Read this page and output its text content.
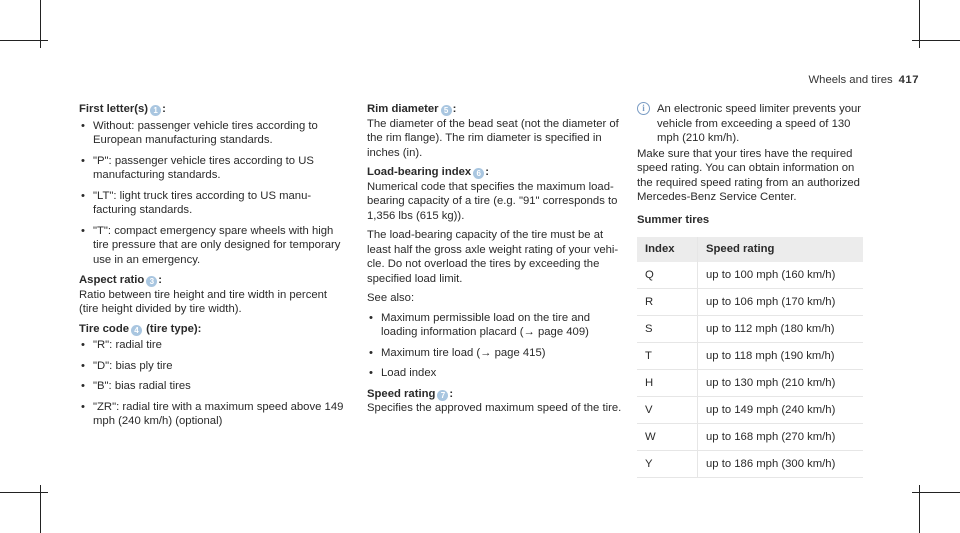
Wheels and tires 417
First letter(s) 1 :
• Without: passenger vehicle tires according to European manufacturing standards.
• "P": passenger vehicle tires according to US manufacturing standards.
• "LT": light truck tires according to US manufacturing standards.
• "T": compact emergency spare wheels with high tire pressure that are only designed for temporary use in an emergency.
Aspect ratio 3 :

Ratio between tire height and tire width in percent (tire height divided by tire width).

Tire code 4 (tire type):
• "R": radial tire
• "D": bias ply tire
• "B": bias radial tires
• "ZR": radial tire with a maximum speed above 149 mph (240 km/h) (optional)
Rim diameter 5 :

The diameter of the bead seat (not the diameter of the rim flange). The rim diameter is specified in inches (in).

Load-bearing index 6 :

Numerical code that specifies the maximum load-bearing capacity of a tire (e.g. "91" corresponds to 1,356 lbs (615 kg)).

The load-bearing capacity of the tire must be at least half the gross axle weight rating of your vehicle. Do not overload the tires by exceeding the specified load limit.

See also:

• Maximum permissible load on the tire and loading information placard (→ page 409)
• Maximum tire load (→ page 415)
• Load index
Speed rating 7 :

Specifies the approved maximum speed of the tire.

i	An electronic speed limiter prevents your vehicle from exceeding a speed of 130 mph (210 km/h).

Make sure that your tires have the required speed rating. You can obtain information on the required speed rating from an authorized Mercedes-Benz Service Center.

Summer tires
Index	Speed rating
Q	up to 100 mph (160 km/h)
R	up to 106 mph (170 km/h)
S	up to 112 mph (180 km/h)
T	up to 118 mph (190 km/h)
H	up to 130 mph (210 km/h)
V	up to 149 mph (240 km/h)
W	up to 168 mph (270 km/h)
Y	up to 186 mph (300 km/h)
